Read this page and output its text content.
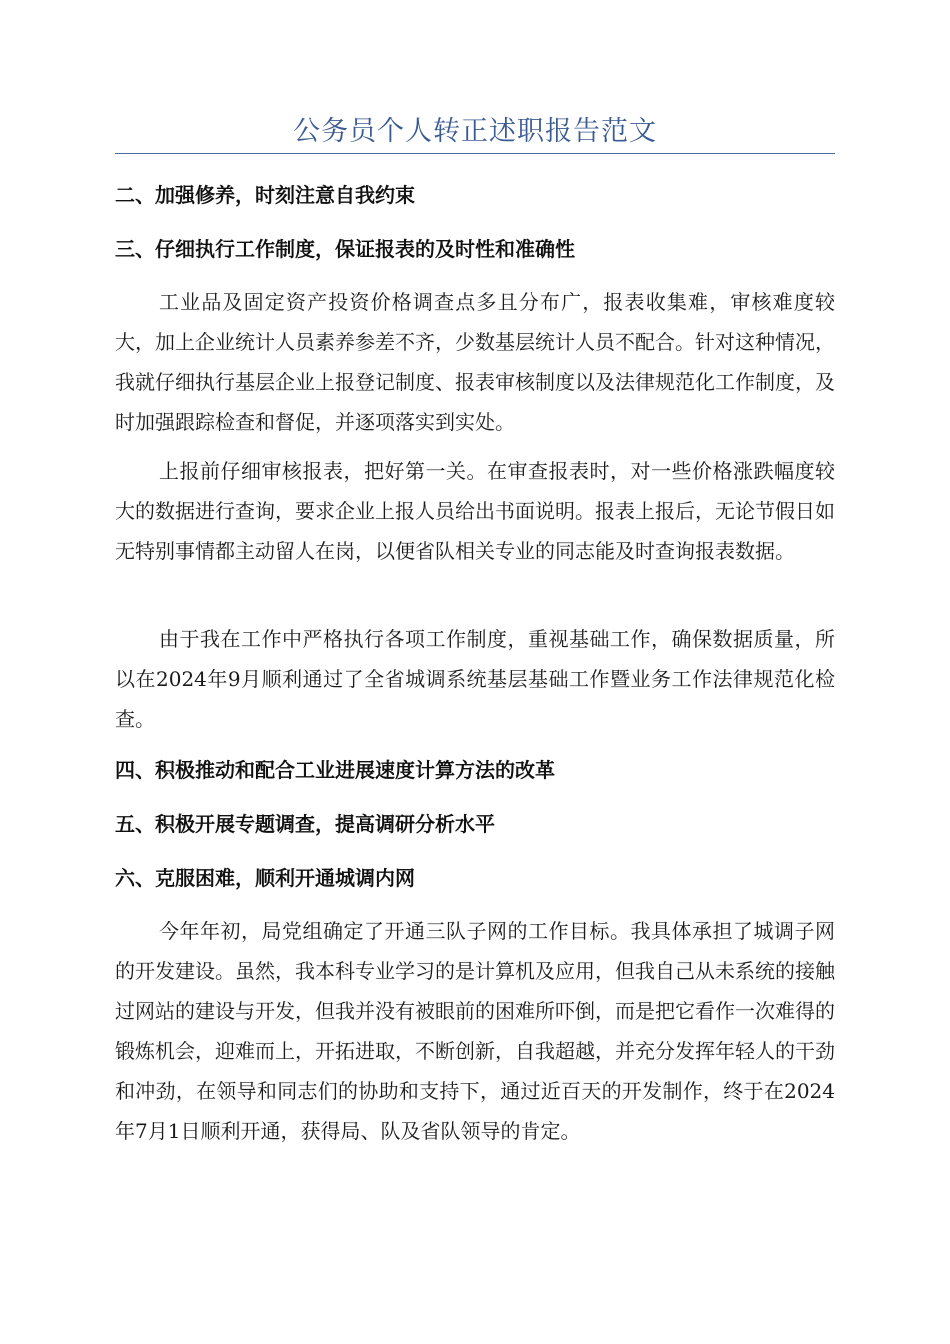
公务员个人转正述职报告范文
二、加强修养，时刻注意自我约束
三、仔细执行工作制度，保证报表的及时性和准确性
工业品及固定资产投资价格调查点多且分布广，报表收集难，审核难度较大，加上企业统计人员素养参差不齐，少数基层统计人员不配合。针对这种情况，我就仔细执行基层企业上报登记制度、报表审核制度以及法律规范化工作制度，及时加强跟踪检查和督促，并逐项落实到实处。
上报前仔细审核报表，把好第一关。在审查报表时，对一些价格涨跌幅度较大的数据进行查询，要求企业上报人员给出书面说明。报表上报后，无论节假日如无特别事情都主动留人在岗，以便省队相关专业的同志能及时查询报表数据。
由于我在工作中严格执行各项工作制度，重视基础工作，确保数据质量，所以在2024年9月顺利通过了全省城调系统基层基础工作暨业务工作法律规范化检查。
四、积极推动和配合工业进展速度计算方法的改革
五、积极开展专题调查，提高调研分析水平
六、克服困难，顺利开通城调内网
今年年初，局党组确定了开通三队子网的工作目标。我具体承担了城调子网的开发建设。虽然，我本科专业学习的是计算机及应用，但我自己从未系统的接触过网站的建设与开发，但我并没有被眼前的困难所吓倒，而是把它看作一次难得的锻炼机会，迎难而上，开拓进取，不断创新，自我超越，并充分发挥年轻人的干劲和冲劲，在领导和同志们的协助和支持下，通过近百天的开发制作，终于在2024年7月1日顺利开通，获得局、队及省队领导的肯定。
